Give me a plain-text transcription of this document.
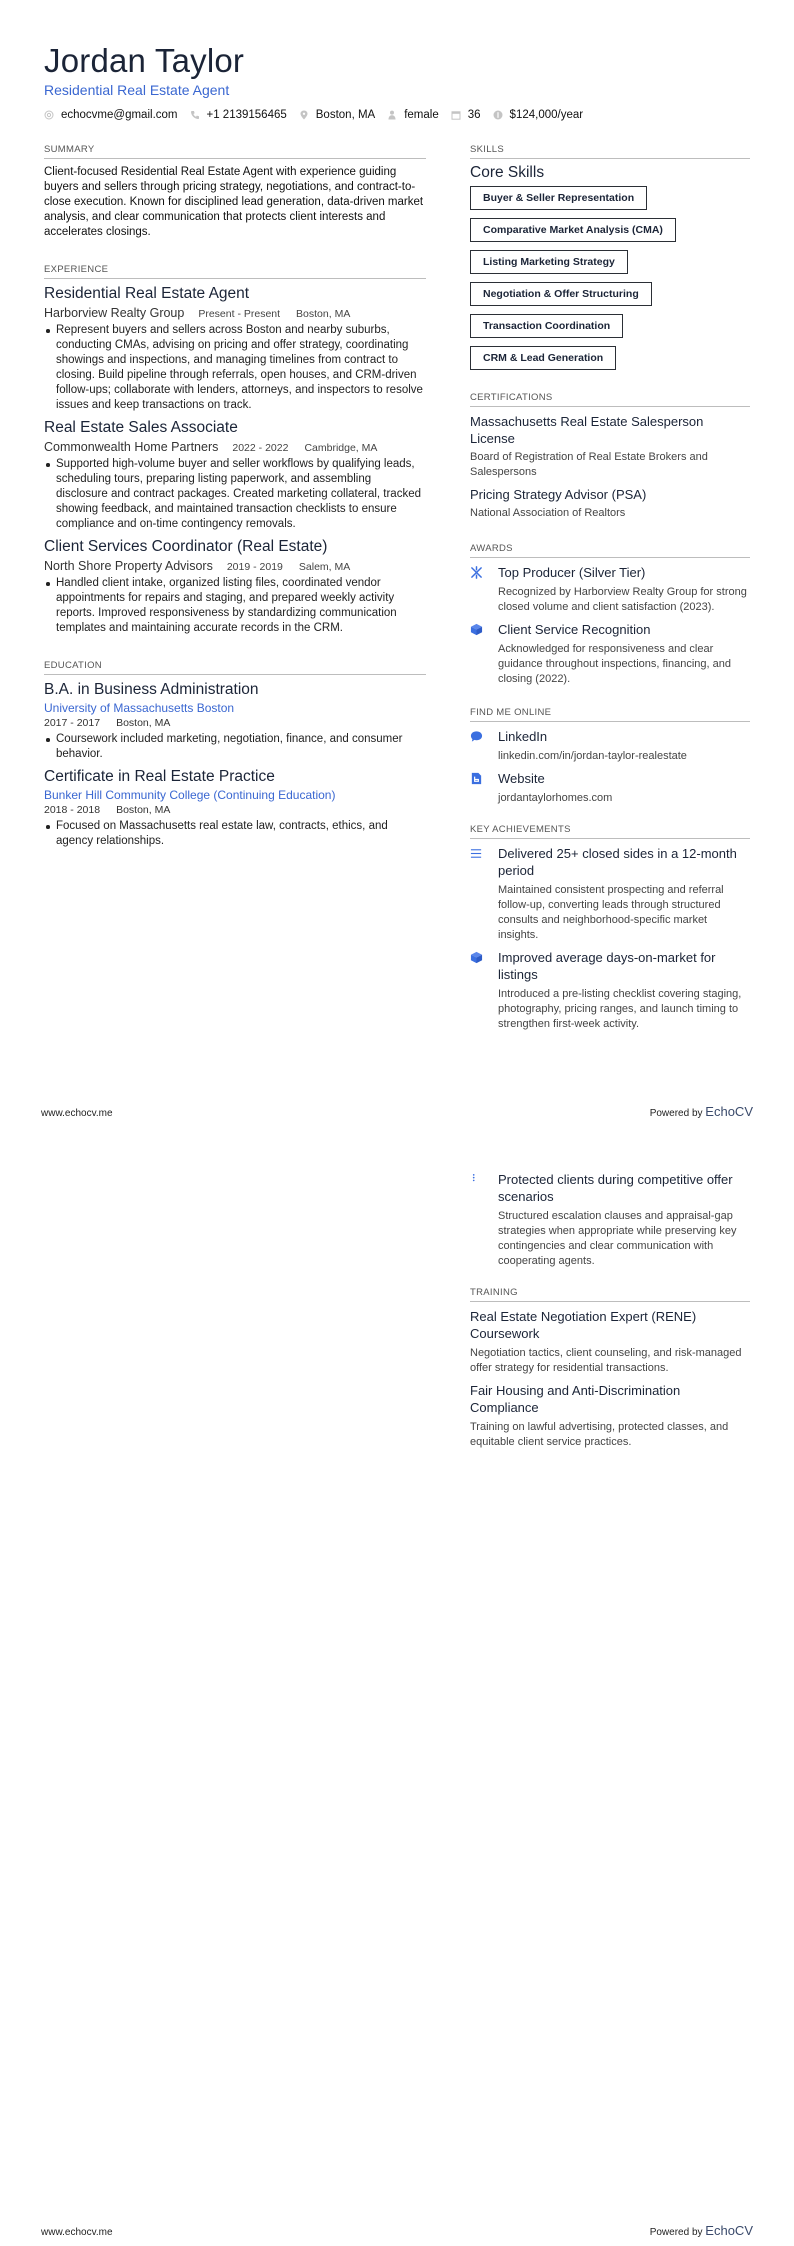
Jordan Taylor
Residential Real Estate Agent
echocvme@gmail.com	+1 2139156465	Boston, MA	female	36	$124,000/year
SUMMARY
Client-focused Residential Real Estate Agent with experience guiding buyers and sellers through pricing strategy, negotiations, and contract-to-close execution. Known for disciplined lead generation, data-driven market analysis, and clear communication that protects client interests and accelerates closings.
EXPERIENCE
Residential Real Estate Agent
Harborview Realty Group Present - Present Boston, MA
Represent buyers and sellers across Boston and nearby suburbs, conducting CMAs, advising on pricing and offer strategy, coordinating showings and inspections, and managing timelines from contract to closing. Build pipeline through referrals, open houses, and CRM-driven follow-ups; collaborate with lenders, attorneys, and inspectors to resolve issues and keep transactions on track.
Real Estate Sales Associate
Commonwealth Home Partners 2022 - 2022 Cambridge, MA
Supported high-volume buyer and seller workflows by qualifying leads, scheduling tours, preparing listing paperwork, and assembling disclosure and contract packages. Created marketing collateral, tracked showing feedback, and maintained transaction checklists to ensure compliance and on-time contingency removals.
Client Services Coordinator (Real Estate)
North Shore Property Advisors 2019 - 2019 Salem, MA
Handled client intake, organized listing files, coordinated vendor appointments for repairs and staging, and prepared weekly activity reports. Improved responsiveness by standardizing communication templates and maintaining accurate records in the CRM.
EDUCATION
B.A. in Business Administration
University of Massachusetts Boston
2017 - 2017 Boston, MA
Coursework included marketing, negotiation, finance, and consumer behavior.
Certificate in Real Estate Practice
Bunker Hill Community College (Continuing Education)
2018 - 2018 Boston, MA
Focused on Massachusetts real estate law, contracts, ethics, and agency relationships.
SKILLS
Core Skills
Buyer & Seller Representation
Comparative Market Analysis (CMA)
Listing Marketing Strategy
Negotiation & Offer Structuring
Transaction Coordination
CRM & Lead Generation
CERTIFICATIONS
Massachusetts Real Estate Salesperson License
Board of Registration of Real Estate Brokers and Salespersons
Pricing Strategy Advisor (PSA)
National Association of Realtors
AWARDS
Top Producer (Silver Tier)
Recognized by Harborview Realty Group for strong closed volume and client satisfaction (2023).
Client Service Recognition
Acknowledged for responsiveness and clear guidance throughout inspections, financing, and closing (2022).
FIND ME ONLINE
LinkedIn
linkedin.com/in/jordan-taylor-realestate
Website
jordantaylorhomes.com
KEY ACHIEVEMENTS
Delivered 25+ closed sides in a 12-month period
Maintained consistent prospecting and referral follow-up, converting leads through structured consults and neighborhood-specific market insights.
Improved average days-on-market for listings
Introduced a pre-listing checklist covering staging, photography, pricing ranges, and launch timing to strengthen first-week activity.
www.echocv.me	Powered by EchoCV
Protected clients during competitive offer scenarios
Structured escalation clauses and appraisal-gap strategies when appropriate while preserving key contingencies and clear communication with cooperating agents.
TRAINING
Real Estate Negotiation Expert (RENE) Coursework
Negotiation tactics, client counseling, and risk-managed offer strategy for residential transactions.
Fair Housing and Anti-Discrimination Compliance
Training on lawful advertising, protected classes, and equitable client service practices.
www.echocv.me	Powered by EchoCV
